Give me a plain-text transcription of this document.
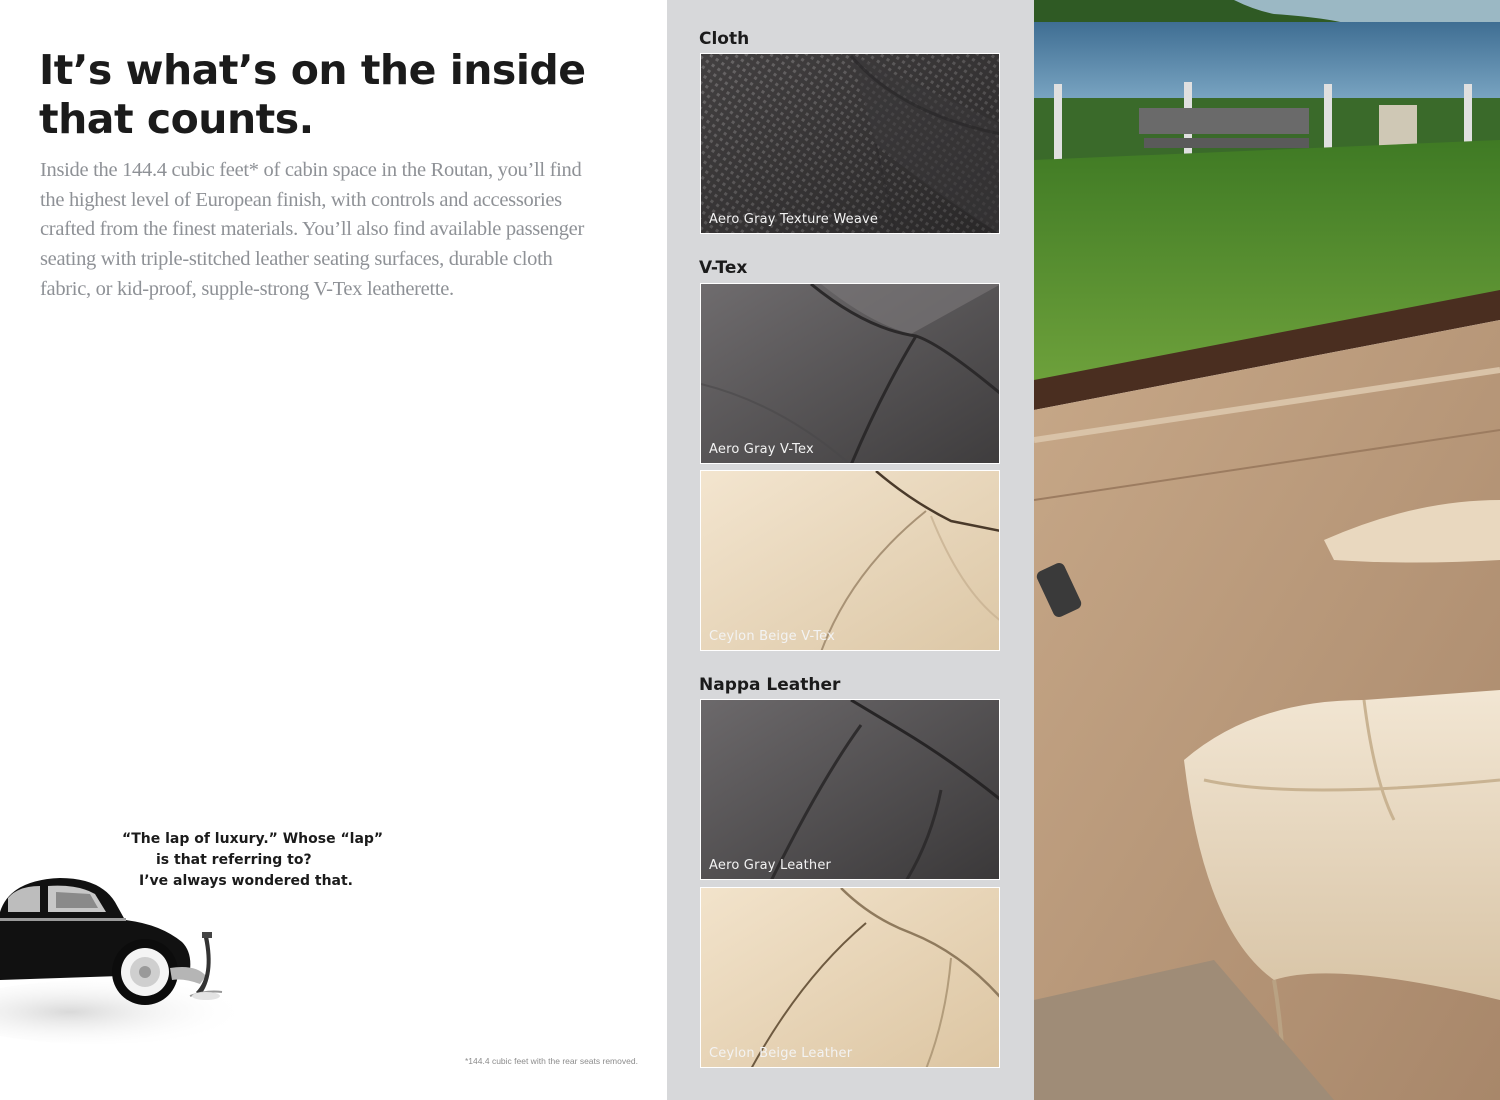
It’s what’s on the inside
that counts.

Inside the 144.4 cubic feet* of cabin space in the Routan, you’ll find the highest level of European finish, with controls and accessories crafted from the finest materials. You’ll also find available passenger seating with triple-stitched leather seating surfaces, durable cloth fabric, or kid-proof, supple-strong V-Tex leatherette.

“The lap of luxury.” Whose “lap”
is that referring to?
I’ve always wondered that.
*144.4 cubic feet with the rear seats removed.
Cloth
Aero Gray Texture Weave
V-Tex
Aero Gray V-Tex
Ceylon Beige V-Tex
Nappa Leather
Aero Gray Leather
Ceylon Beige Leather
